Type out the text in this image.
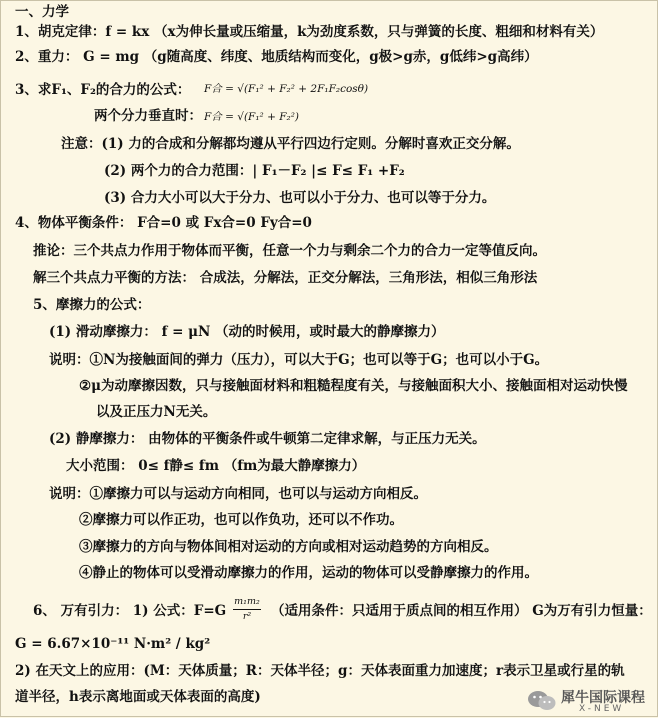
一、力学
1、胡克定律：f = kx （x为伸长量或压缩量，k为劲度系数，只与弹簧的长度、粗细和材料有关）
2、重力： G = mg （g随高度、纬度、地质结构而变化，g极>g赤，g低纬>g高纬）
3、求F₁、F₂的合力的公式： F合 = √(F₁² + F₂² + 2F₁F₂cosθ)
两个分力垂直时： F合 = √(F₁² + F₂²)
注意：(1) 力的合成和分解都均遵从平行四边行定则。分解时喜欢正交分解。
(2) 两个力的合力范围：| F₁－F₂ |≤ F≤ F₁ +F₂
(3) 合力大小可以大于分力、也可以小于分力、也可以等于分力。
4、物体平衡条件： F合=0 或 Fx合=0 Fy合=0
推论：三个共点力作用于物体而平衡，任意一个力与剩余二个力的合力一定等值反向。
解三个共点力平衡的方法： 合成法，分解法，正交分解法，三角形法，相似三角形法
5、摩擦力的公式：
(1) 滑动摩擦力： f = μN （动的时候用，或时最大的静摩擦力）
说明：①N为接触面间的弹力（压力），可以大于G；也可以等于G；也可以小于G。
②μ为动摩擦因数，只与接触面材料和粗糙程度有关，与接触面积大小、接触面相对运动快慢
以及正压力N无关。
(2) 静摩擦力： 由物体的平衡条件或牛顿第二定律求解，与正压力无关。
大小范围： 0≤ f静≤ fm （fm为最大静摩擦力）
说明：①摩擦力可以与运动方向相同，也可以与运动方向相反。
②摩擦力可以作正功，也可以作负功，还可以不作功。
③摩擦力的方向与物体间相对运动的方向或相对运动趋势的方向相反。
④静止的物体可以受滑动摩擦力的作用，运动的物体可以受静摩擦力的作用。
6、 万有引力： 1) 公式：F=G
m₁m₂
r²	（适用条件：只适用于质点间的相互作用） G为万有引力恒量：
G = 6.67×10⁻¹¹ N·m² / kg²
2) 在天文上的应用：(M：天体质量；R：天体半径；g：天体表面重力加速度；r表示卫星或行星的轨
道半径，h表示离地面或天体表面的高度)	犀牛国际课程
X-NEW
